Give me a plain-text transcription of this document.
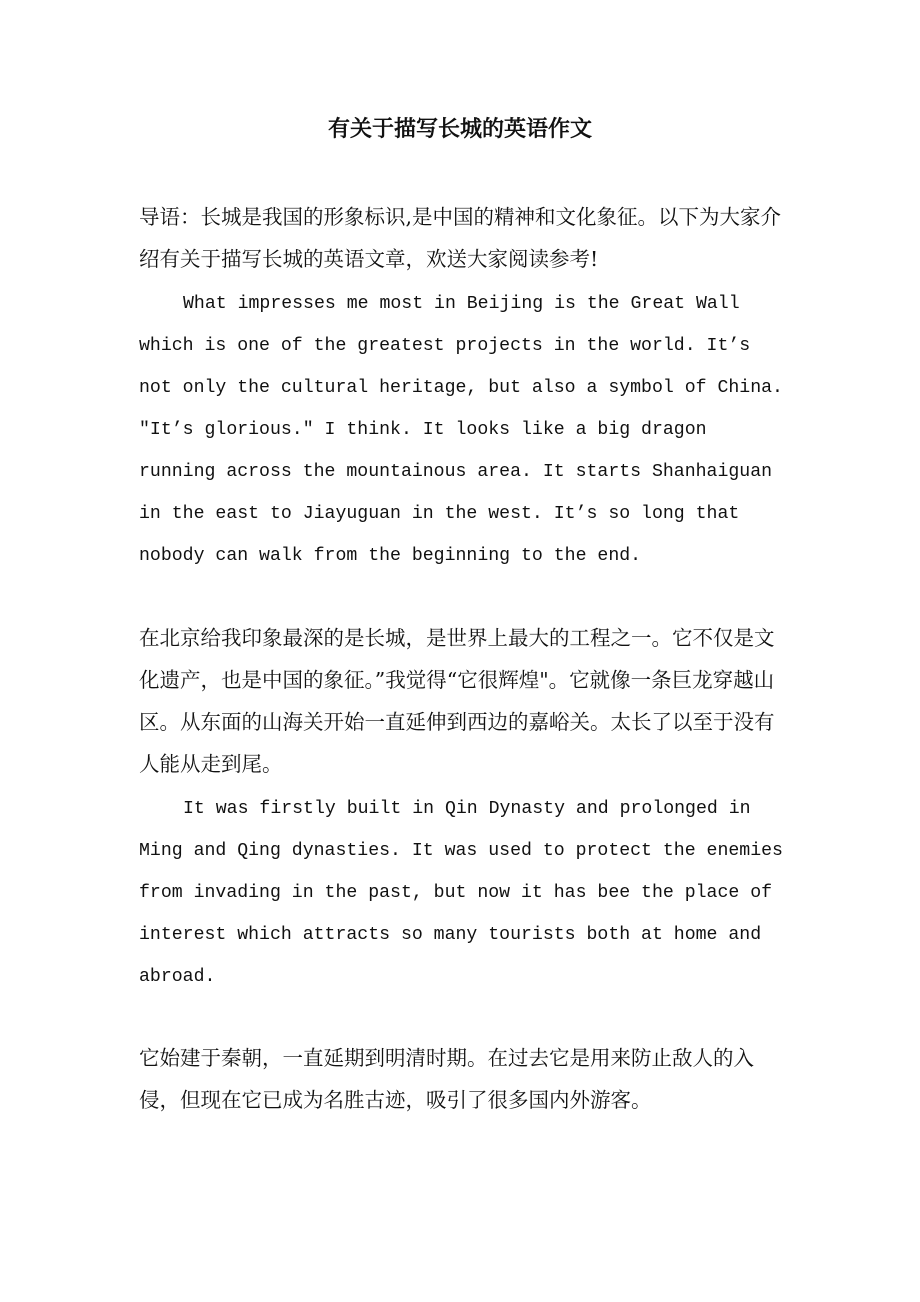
有关于描写长城的英语作文

导语：长城是我国的形象标识,是中国的精神和文化象征。以下为大家介绍有关于描写长城的英语文章，欢送大家阅读参考!

What impresses me most in Beijing is the Great Wall which is one of the greatest projects in the world. It’s not only the cultural heritage, but also a symbol of China. "It’s glorious." I think. It looks like a big dragon running across the mountainous area. It starts Shanhaiguan in the east to Jiayuguan in the west. It’s so long that nobody can walk from the beginning to the end.

在北京给我印象最深的是长城，是世界上最大的工程之一。它不仅是文化遗产，也是中国的象征。”我觉得“它很辉煌"。它就像一条巨龙穿越山区。从东面的山海关开始一直延伸到西边的嘉峪关。太长了以至于没有人能从走到尾。

It was firstly built in Qin Dynasty and prolonged in Ming and Qing dynasties. It was used to protect the enemies from invading in the past, but now it has bee the place of interest which attracts so many tourists both at home and abroad.

它始建于秦朝，一直延期到明清时期。在过去它是用来防止敌人的入侵，但现在它已成为名胜古迹，吸引了很多国内外游客。
